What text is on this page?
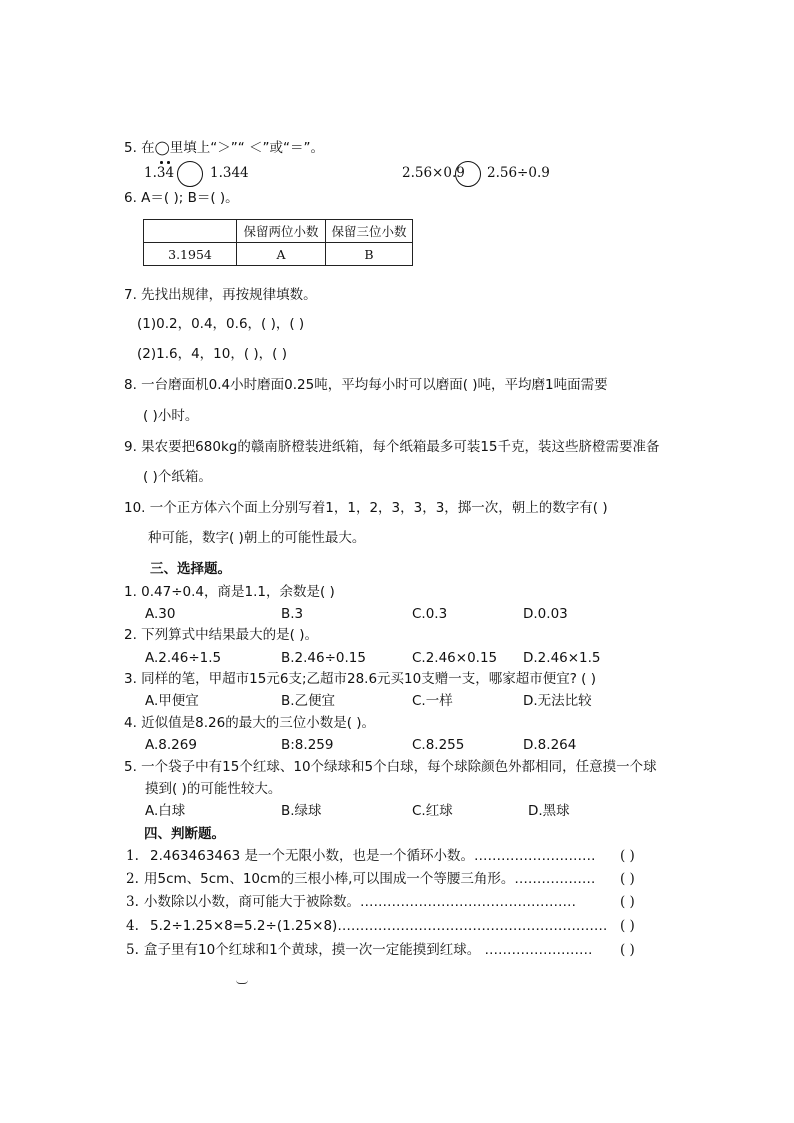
5. 在◯里填上“＞”“ ＜”或“＝”。
1.34	1.344	2.56×0.9 2.56÷0.9
6. A＝( ); B＝( )。
	保留两位小数	保留三位小数
3.1954	A	B
7. 先找出规律，再按规律填数。
(1)0.2，0.4，0.6，( )，( )
(2)1.6，4，10，( )，( )
8. 一台磨面机0.4小时磨面0.25吨，平均每小时可以磨面( )吨，平均磨1吨面需要
( )小时。
9. 果农要把680kg的赣南脐橙装进纸箱，每个纸箱最多可装15千克，装这些脐橙需要准备
( )个纸箱。
10. 一个正方体六个面上分别写着1，1，2，3，3，3，掷一次，朝上的数字有( )
种可能，数字( )朝上的可能性最大。
三、选择题。
1. 0.47÷0.4，商是1.1，余数是( )
A.30	B.3	C.0.3	D.0.03
2. 下列算式中结果最大的是( )。
A.2.46÷1.5	B.2.46÷0.15	C.2.46×0.15 D.2.46×1.5
3. 同样的笔，甲超市15元6支;乙超市28.6元买10支赠一支，哪家超市便宜? ( )
A.甲便宜	B.乙便宜	C.一样	D.无法比较
4. 近似值是8.26的最大的三位小数是( )。
A.8.269	B:8.259	C.8.255	D.8.264
5. 一个袋子中有15个红球、10个绿球和5个白球，每个球除颜色外都相同，任意摸一个球
摸到( )的可能性较大。
A.白球	B.绿球	C.红球	D.黑球
四、判断题。
1. 2.463463463 是一个无限小数，也是一个循环小数。……………………… ( )
2. 用5cm、5cm、10cm的三根小棒,可以围成一个等腰三角形。……………… ( )
3. 小数除以小数，商可能大于被除数。…………………………………………	( )
4. 5.2÷1.25×8=5.2÷(1.25×8)…………………………………………………… ( )
5. 盒子里有10个红球和1个黄球，摸一次一定能摸到红球。 …………………… ( )
